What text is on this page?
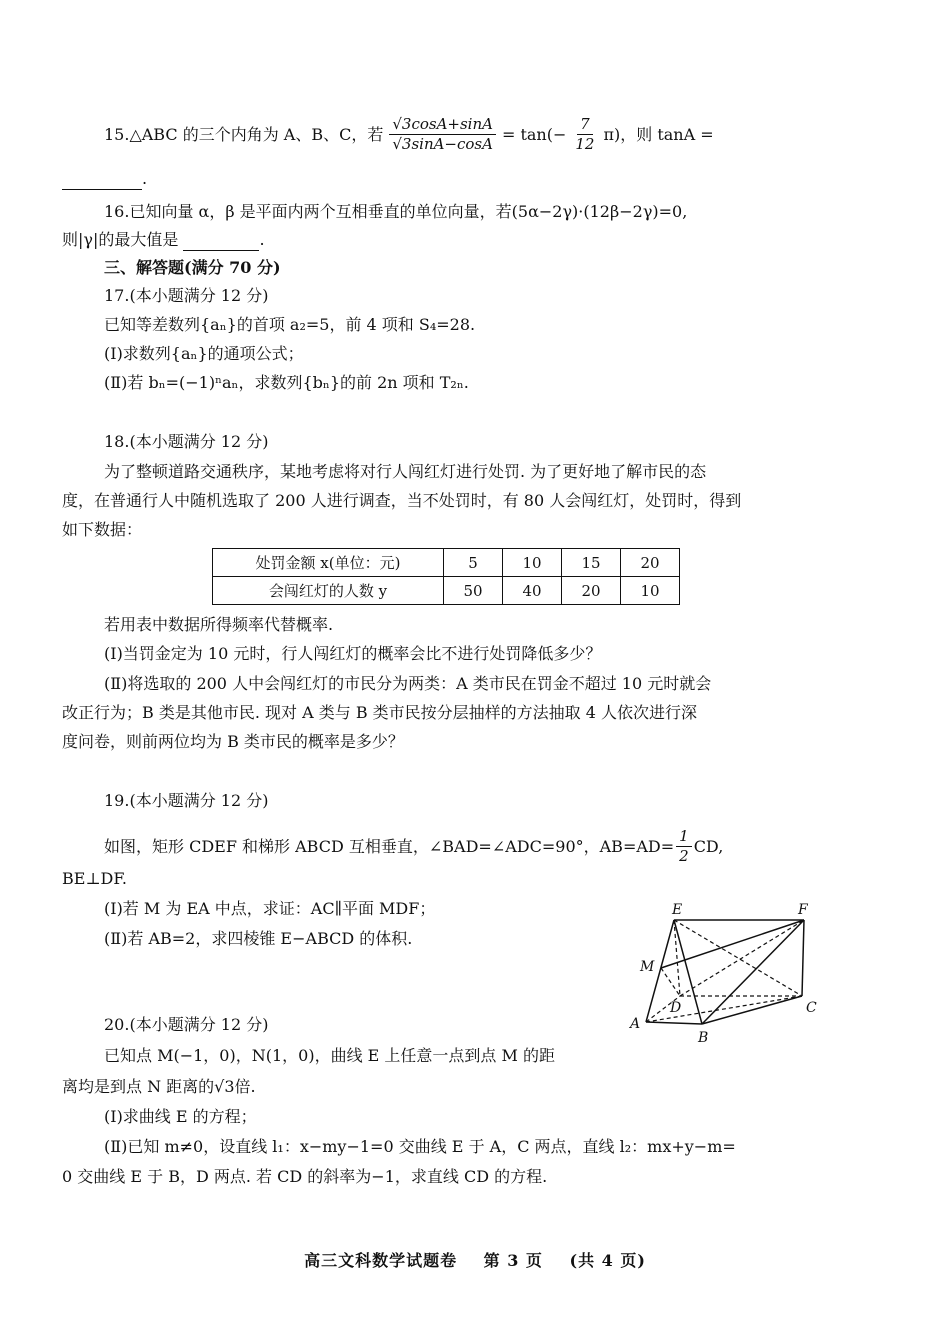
15.△ABC 的三个内角为 A、B、C，若 $\frac{√3\cos A+\sin A}{√3\sin A-\cos A} = \tan(- \frac{7}{12} \pi)$，则 tanA =
.
16.已知向量 α，β 是平面内两个互相垂直的单位向量，若(5α−2γ)·(12β−2γ)=0,
则|γ|的最大值是	.
三、解答题(满分 70 分)
17.(本小题满分 12 分)
已知等差数列{aₙ}的首项 a₂=5，前 4 项和 S₄=28.
(Ⅰ)求数列{aₙ}的通项公式；
(Ⅱ)若 bₙ=(−1)ⁿaₙ，求数列{bₙ}的前 2n 项和 T₂ₙ.
18.(本小题满分 12 分)
为了整顿道路交通秩序，某地考虑将对行人闯红灯进行处罚. 为了更好地了解市民的态
度，在普通行人中随机选取了 200 人进行调查，当不处罚时，有 80 人会闯红灯，处罚时，得到
如下数据：
处罚金额 x(单位：元)	5	10	15	20
会闯红灯的人数 y	50	40	20	10
若用表中数据所得频率代替概率.
(Ⅰ)当罚金定为 10 元时，行人闯红灯的概率会比不进行处罚降低多少？
(Ⅱ)将选取的 200 人中会闯红灯的市民分为两类：A 类市民在罚金不超过 10 元时就会
改正行为；B 类是其他市民. 现对 A 类与 B 类市民按分层抽样的方法抽取 4 人依次进行深
度问卷，则前两位均为 B 类市民的概率是多少？
19.(本小题满分 12 分)
如图，矩形 CDEF 和梯形 ABCD 互相垂直，∠BAD=∠ADC=90°，$AB=AD= \frac{1}{2}$ CD,
BE⊥DF.
(Ⅰ)若 M 为 EA 中点，求证：AC∥平面 MDF；
(Ⅱ)若 AB=2，求四棱锥 E−ABCD 的体积.
E	F
M
D	C
A
B
20.(本小题满分 12 分)
已知点 M(−1，0)，N(1，0)，曲线 E 上任意一点到点 M 的距
离均是到点 N 距离的√3倍.
(Ⅰ)求曲线 E 的方程；
(Ⅱ)已知 m≠0，设直线 l₁：x−my−1=0 交曲线 E 于 A，C 两点，直线 l₂：mx+y−m=
0 交曲线 E 于 B，D 两点. 若 CD 的斜率为−1，求直线 CD 的方程.
高三文科数学试题卷 第 3 页 (共 4 页)
